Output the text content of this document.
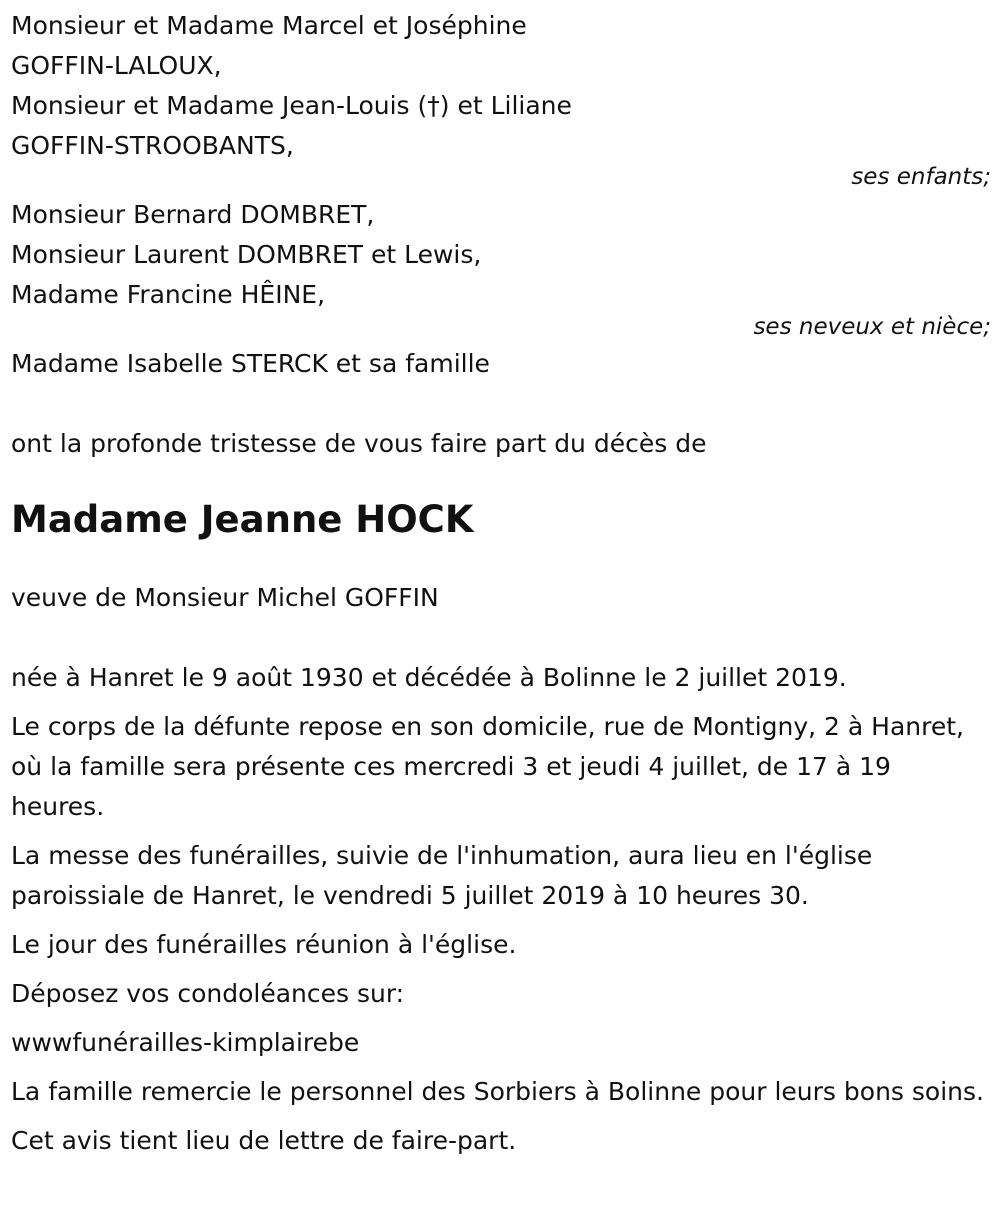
Monsieur et Madame Marcel et Joséphine

GOFFIN-LALOUX,

Monsieur et Madame Jean-Louis (†) et Liliane

GOFFIN-STROOBANTS,

ses enfants;

Monsieur Bernard DOMBRET,

Monsieur Laurent DOMBRET et Lewis,

Madame Francine HÊINE,

ses neveux et nièce;

Madame Isabelle STERCK et sa famille

ont la profonde tristesse de vous faire part du décès de

Madame Jeanne HOCK

veuve de Monsieur Michel GOFFIN

née à Hanret le 9 août 1930 et décédée à Bolinne le 2 juillet 2019.

Le corps de la défunte repose en son domicile, rue de Montigny, 2 à Hanret, où la famille sera présente ces mercredi 3 et jeudi 4 juillet, de 17 à 19 heures.

La messe des funérailles, suivie de l'inhumation, aura lieu en l'église paroissiale de Hanret, le vendredi 5 juillet 2019 à 10 heures 30.

Le jour des funérailles réunion à l'église.

Déposez vos condoléances sur:

wwwfunérailles-kimplairebe

La famille remercie le personnel des Sorbiers à Bolinne pour leurs bons soins.

Cet avis tient lieu de lettre de faire-part.
